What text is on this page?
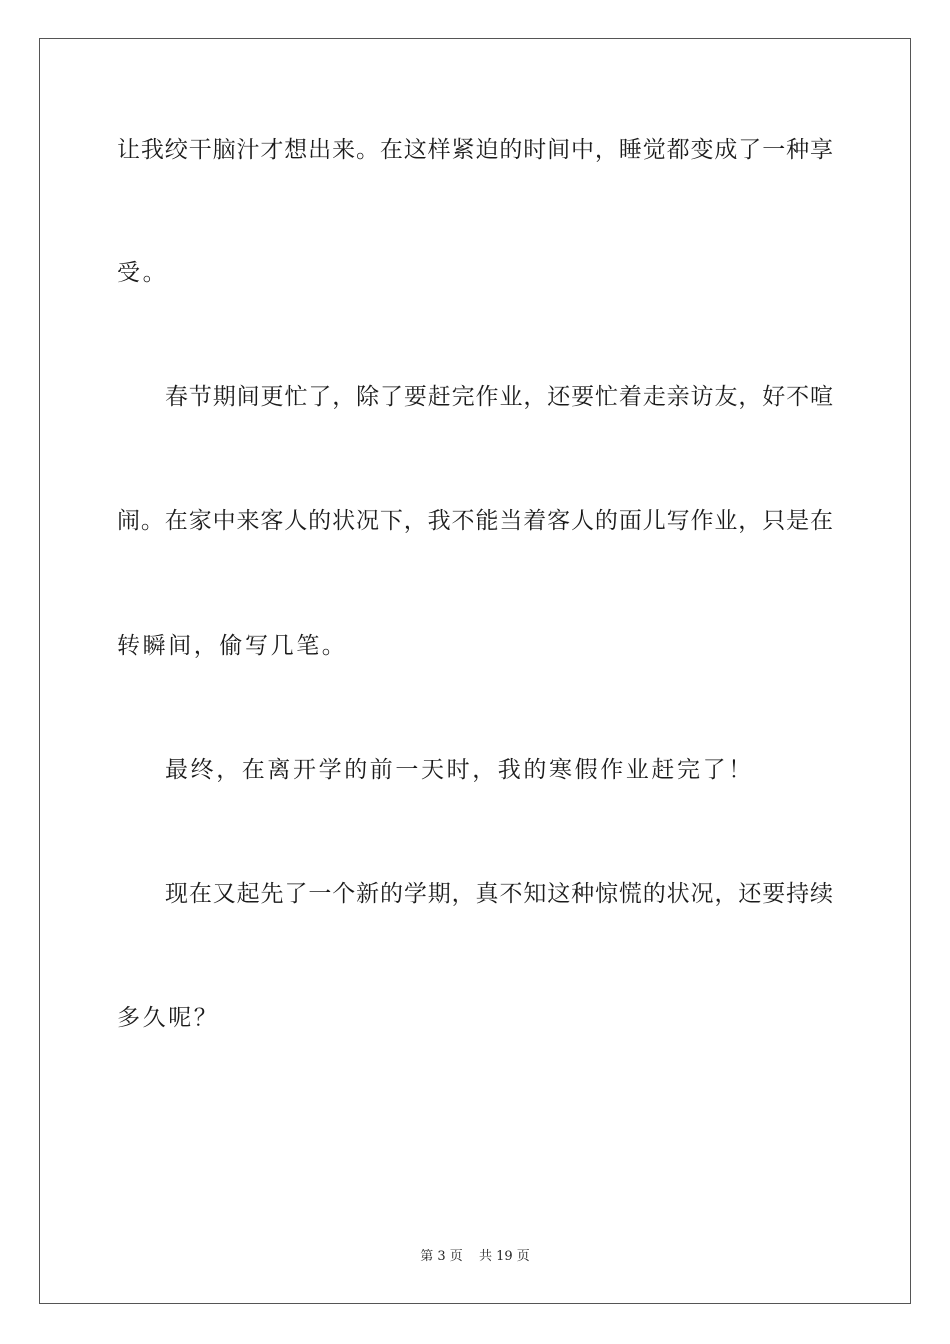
让我绞干脑汁才想出来。在这样紧迫的时间中，睡觉都变成了一种享
受。
春节期间更忙了，除了要赶完作业，还要忙着走亲访友，好不喧
闹。在家中来客人的状况下，我不能当着客人的面儿写作业，只是在
转瞬间，偷写几笔。
最终，在离开学的前一天时，我的寒假作业赶完了！
现在又起先了一个新的学期，真不知这种惊慌的状况，还要持续
多久呢？
第 3 页 共 19 页
